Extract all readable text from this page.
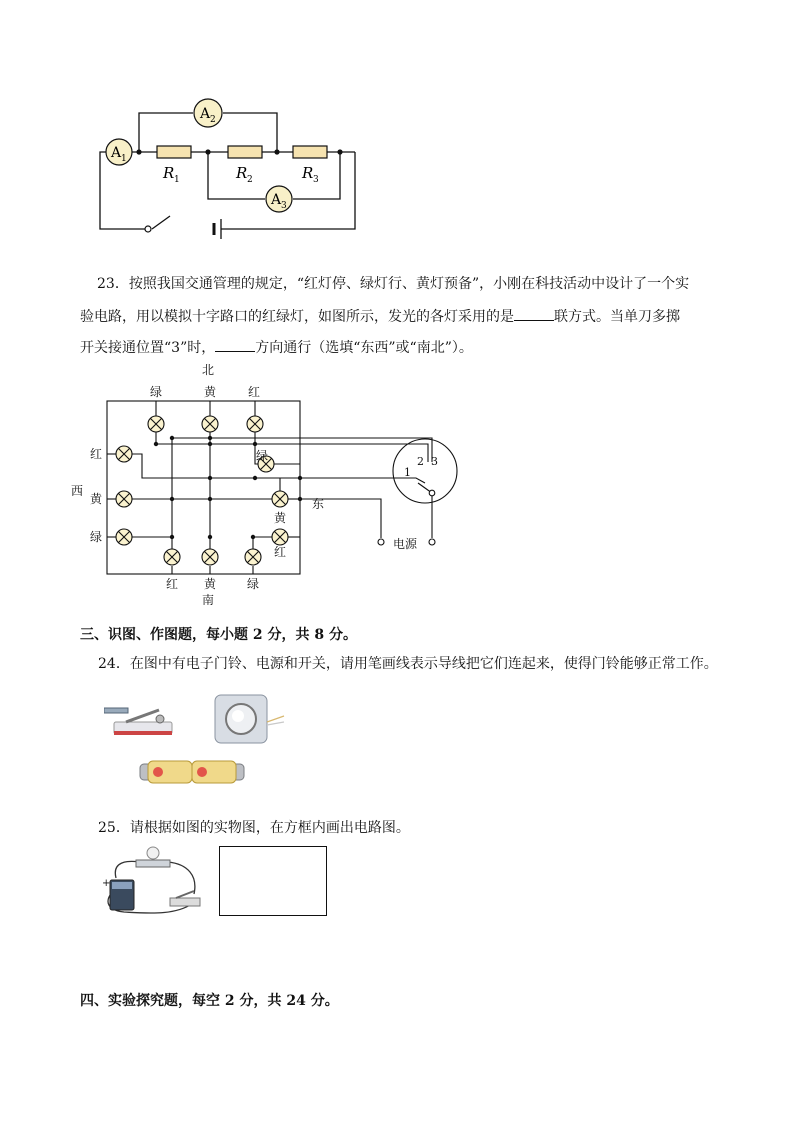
A 1
A 2
A 3
R 1	R 2	R 3
23．按照我国交通管理的规定，“红灯停、绿灯行、黄灯预备”，小刚在科技活动中设计了一个实
验电路，用以模拟十字路口的红绿灯，如图所示，发光的各灯采用的是	联方式。当单刀多掷
开关接通位置“3”时，	方向通行（选填“东西”或“南北”）。
北
南
西
东
绿	黄	红
红 黄	绿
红
黄
绿
绿
黄
红
1
2 3
电源
三、识图、作图题，每小题 2 分，共 8 分。
24．在图中有电子门铃、电源和开关，请用笔画线表示导线把它们连起来，使得门铃能够正常工作。
25．请根据如图的实物图，在方框内画出电路图。
+
四、实验探究题，每空 2 分，共 24 分。
